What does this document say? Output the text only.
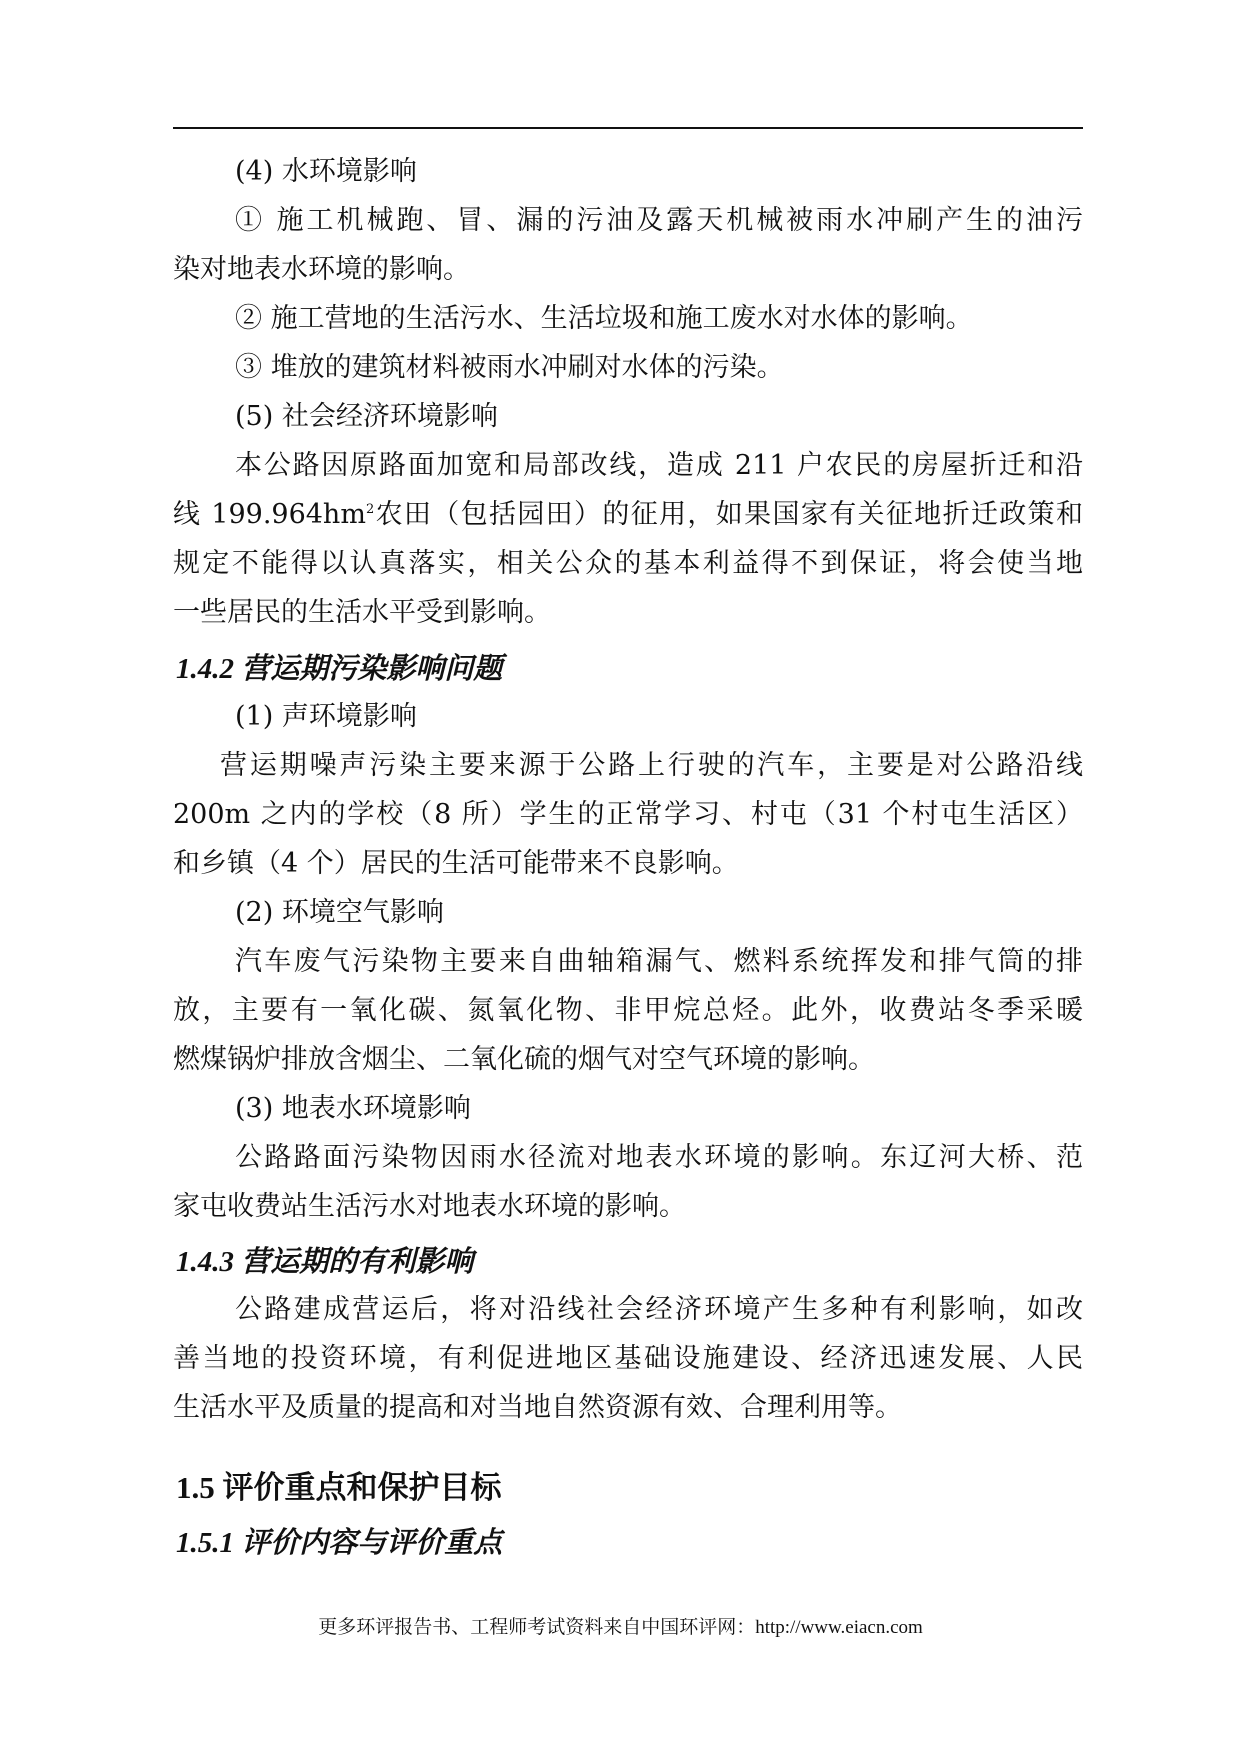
(4) 水环境影响
① 施工机械跑、冒、漏的污油及露天机械被雨水冲刷产生的油污
染对地表水环境的影响。
② 施工营地的生活污水、生活垃圾和施工废水对水体的影响。
③ 堆放的建筑材料被雨水冲刷对水体的污染。
(5) 社会经济环境影响
本公路因原路面加宽和局部改线，造成 211 户农民的房屋折迁和沿
线 $199.964hm^2$农田（包括园田）的征用，如果国家有关征地折迁政策和
规定不能得以认真落实，相关公众的基本利益得不到保证，将会使当地
一些居民的生活水平受到影响。
1.4.2 营运期污染影响问题
(1) 声环境影响
营运期噪声污染主要来源于公路上行驶的汽车，主要是对公路沿线
200m 之内的学校（8 所）学生的正常学习、村屯（31 个村屯生活区）
和乡镇（4 个）居民的生活可能带来不良影响。
(2) 环境空气影响
汽车废气污染物主要来自曲轴箱漏气、燃料系统挥发和排气筒的排
放，主要有一氧化碳、氮氧化物、非甲烷总烃。此外，收费站冬季采暖
燃煤锅炉排放含烟尘、二氧化硫的烟气对空气环境的影响。
(3) 地表水环境影响
公路路面污染物因雨水径流对地表水环境的影响。东辽河大桥、范
家屯收费站生活污水对地表水环境的影响。
1.4.3 营运期的有利影响
公路建成营运后，将对沿线社会经济环境产生多种有利影响，如改
善当地的投资环境，有利促进地区基础设施建设、经济迅速发展、人民
生活水平及质量的提高和对当地自然资源有效、合理利用等。
1.5 评价重点和保护目标
1.5.1 评价内容与评价重点
更多环评报告书、工程师考试资料来自中国环评网：http://www.eiacn.com
